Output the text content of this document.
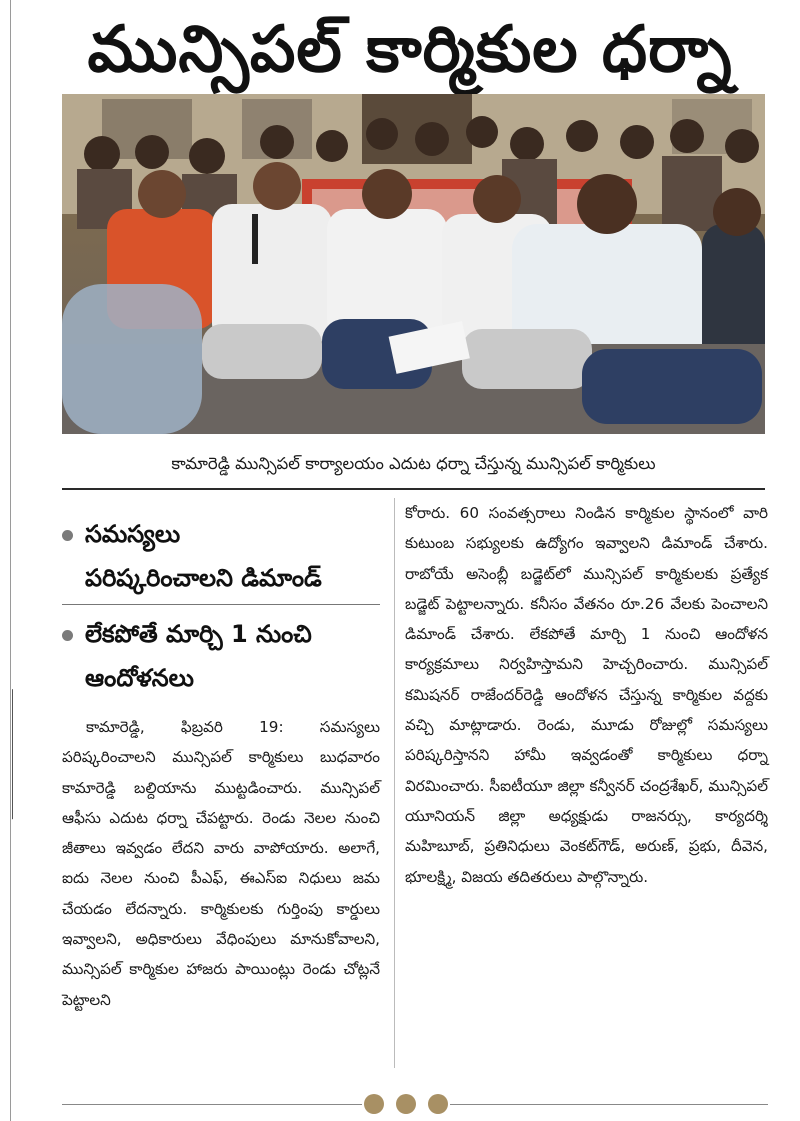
మున్సిపల్ కార్మికుల ధర్నా
కామారెడ్డి మున్సిపల్ కార్యాలయం ఎదుట ధర్నా చేస్తున్న మున్సిపల్ కార్మికులు
సమస్యలు
పరిష్కరించాలని డిమాండ్
లేకపోతే మార్చి 1 నుంచి
ఆందోళనలు
కామారెడ్డి, ఫిబ్రవరి 19: సమస్యలు పరిష్కరించాలని మున్సిపల్ కార్మికులు బుధవారం కామారెడ్డి బల్దియాను ముట్టడించారు. మున్సిపల్ ఆఫీసు ఎదుట ధర్నా చేపట్టారు. రెండు నెలల నుంచి జీతాలు ఇవ్వడం లేదని వారు వాపోయారు. అలాగే, ఐదు నెలల నుంచి పీఎఫ్, ఈఎస్ఐ నిధులు జమ చేయడం లేదన్నారు. కార్మికులకు గుర్తింపు కార్డులు ఇవ్వాలని, అధికారులు వేధింపులు మానుకోవాలని, మున్సిపల్ కార్మికుల హాజరు పాయింట్లు రెండు చోట్లనే పెట్టాలని
కోరారు. 60 సంవత్సరాలు నిండిన కార్మికుల స్థానంలో వారి కుటుంబ సభ్యులకు ఉద్యోగం ఇవ్వాలని డిమాండ్ చేశారు. రాబోయే అసెంబ్లీ బడ్జెట్‌లో మున్సిపల్ కార్మికులకు ప్రత్యేక బడ్జెట్ పెట్టాలన్నారు. కనీసం వేతనం రూ.26 వేలకు పెంచాలని డిమాండ్ చేశారు. లేకపోతే మార్చి 1 నుంచి ఆందోళన కార్యక్రమాలు నిర్వహిస్తామని హెచ్చరించారు. మున్సిపల్ కమిషనర్ రాజేందర్‌రెడ్డి ఆందోళన చేస్తున్న కార్మికుల వద్దకు వచ్చి మాట్లాడారు. రెండు, మూడు రోజుల్లో సమస్యలు పరిష్కరిస్తానని హామీ ఇవ్వడంతో కార్మికులు ధర్నా విరమించారు. సీఐటీయూ జిల్లా కన్వీనర్ చంద్రశేఖర్, మున్సిపల్ యూనియన్ జిల్లా అధ్యక్షుడు రాజనర్సు, కార్యదర్శి మహిబూబ్, ప్రతినిధులు వెంకట్‌గౌడ్, అరుణ్, ప్రభు, దీవెన, భూలక్ష్మి, విజయ తదితరులు పాల్గొన్నారు.
